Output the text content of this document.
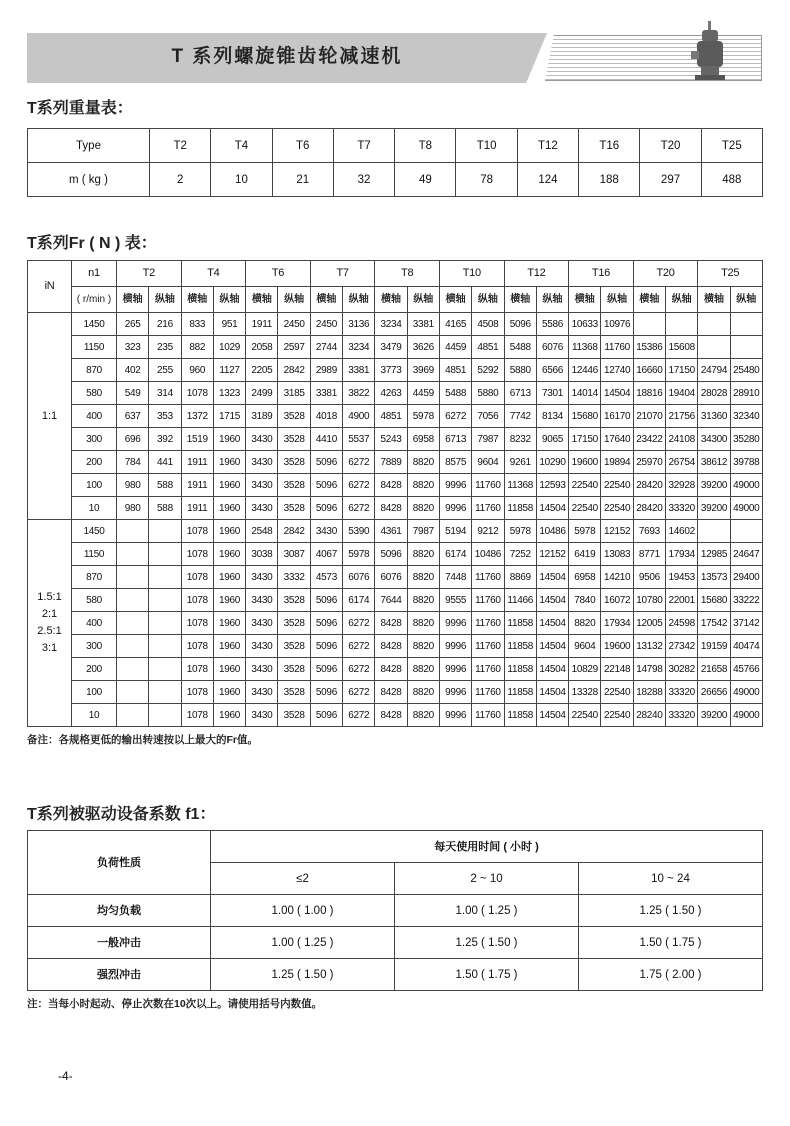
T 系列螺旋锥齿轮减速机
T系列重量表：
Type	T2	T4	T6	T7	T8	T10	T12	T16	T20	T25
m ( kg )	2	10	21	32	49	78	124	188	297	488
T系列Fr ( N ) 表：
iN	n1	T2		T4		T6		T7		T8		T10		T12		T16		T20		T25	
	( r/min )	横轴	纵轴	横轴	纵轴	横轴	纵轴	横轴	纵轴	横轴	纵轴	横轴	纵轴	横轴	纵轴	横轴	纵轴	横轴	纵轴	横轴	纵轴

1:1	1450	265	216	833	951	1911	2450	2450	3136	3234	3381	4165	4508	5096	5586	10633	10976				
	1150	323	235	882	1029	2058	2597	2744	3234	3479	3626	4459	4851	5488	6076	11368	11760	15386	15608		
	870	402	255	960	1127	2205	2842	2989	3381	3773	3969	4851	5292	5880	6566	12446	12740	16660	17150	24794	25480
	580	549	314	1078	1323	2499	3185	3381	3822	4263	4459	5488	5880	6713	7301	14014	14504	18816	19404	28028	28910
	400	637	353	1372	1715	3189	3528	4018	4900	4851	5978	6272	7056	7742	8134	15680	16170	21070	21756	31360	32340
	300	696	392	1519	1960	3430	3528	4410	5537	5243	6958	6713	7987	8232	9065	17150	17640	23422	24108	34300	35280
	200	784	441	1911	1960	3430	3528	5096	6272	7889	8820	8575	9604	9261	10290	19600	19894	25970	26754	38612	39788
	100	980	588	1911	1960	3430	3528	5096	6272	8428	8820	9996	11760	11368	12593	22540	22540	28420	32928	39200	49000
	10	980	588	1911	1960	3430	3528	5096	6272	8428	8820	9996	11760	11858	14504	22540	22540	28420	33320	39200	49000

1.5:1
2:1
2.5:1
3:1	1450			1078	1960	2548	2842	3430	5390	4361	7987	5194	9212	5978	10486	5978	12152	7693	14602		
	1150			1078	1960	3038	3087	4067	5978	5096	8820	6174	10486	7252	12152	6419	13083	8771	17934	12985	24647
	870			1078	1960	3430	3332	4573	6076	6076	8820	7448	11760	8869	14504	6958	14210	9506	19453	13573	29400
	580			1078	1960	3430	3528	5096	6174	7644	8820	9555	11760	11466	14504	7840	16072	10780	22001	15680	33222
	400			1078	1960	3430	3528	5096	6272	8428	8820	9996	11760	11858	14504	8820	17934	12005	24598	17542	37142
	300			1078	1960	3430	3528	5096	6272	8428	8820	9996	11760	11858	14504	9604	19600	13132	27342	19159	40474
	200			1078	1960	3430	3528	5096	6272	8428	8820	9996	11760	11858	14504	10829	22148	14798	30282	21658	45766
	100			1078	1960	3430	3528	5096	6272	8428	8820	9996	11760	11858	14504	13328	22540	18288	33320	26656	49000
	10			1078	1960	3430	3528	5096	6272	8428	8820	9996	11760	11858	14504	22540	22540	28240	33320	39200	49000
备注：各规格更低的输出转速按以上最大的Fr值。
T系列被驱动设备系数 f1：
负荷性质	每天使用时间 ( 小时 )		
	≤2	2 ~ 10	10 ~ 24
均匀负载	1.00 ( 1.00 )	1.00 ( 1.25 )	1.25 ( 1.50 )
一般冲击	1.00 ( 1.25 )	1.25 ( 1.50 )	1.50 ( 1.75 )
强烈冲击	1.25 ( 1.50 )	1.50 ( 1.75 )	1.75 ( 2.00 )
注：当每小时起动、停止次数在10次以上。请使用括号内数值。
-4-
